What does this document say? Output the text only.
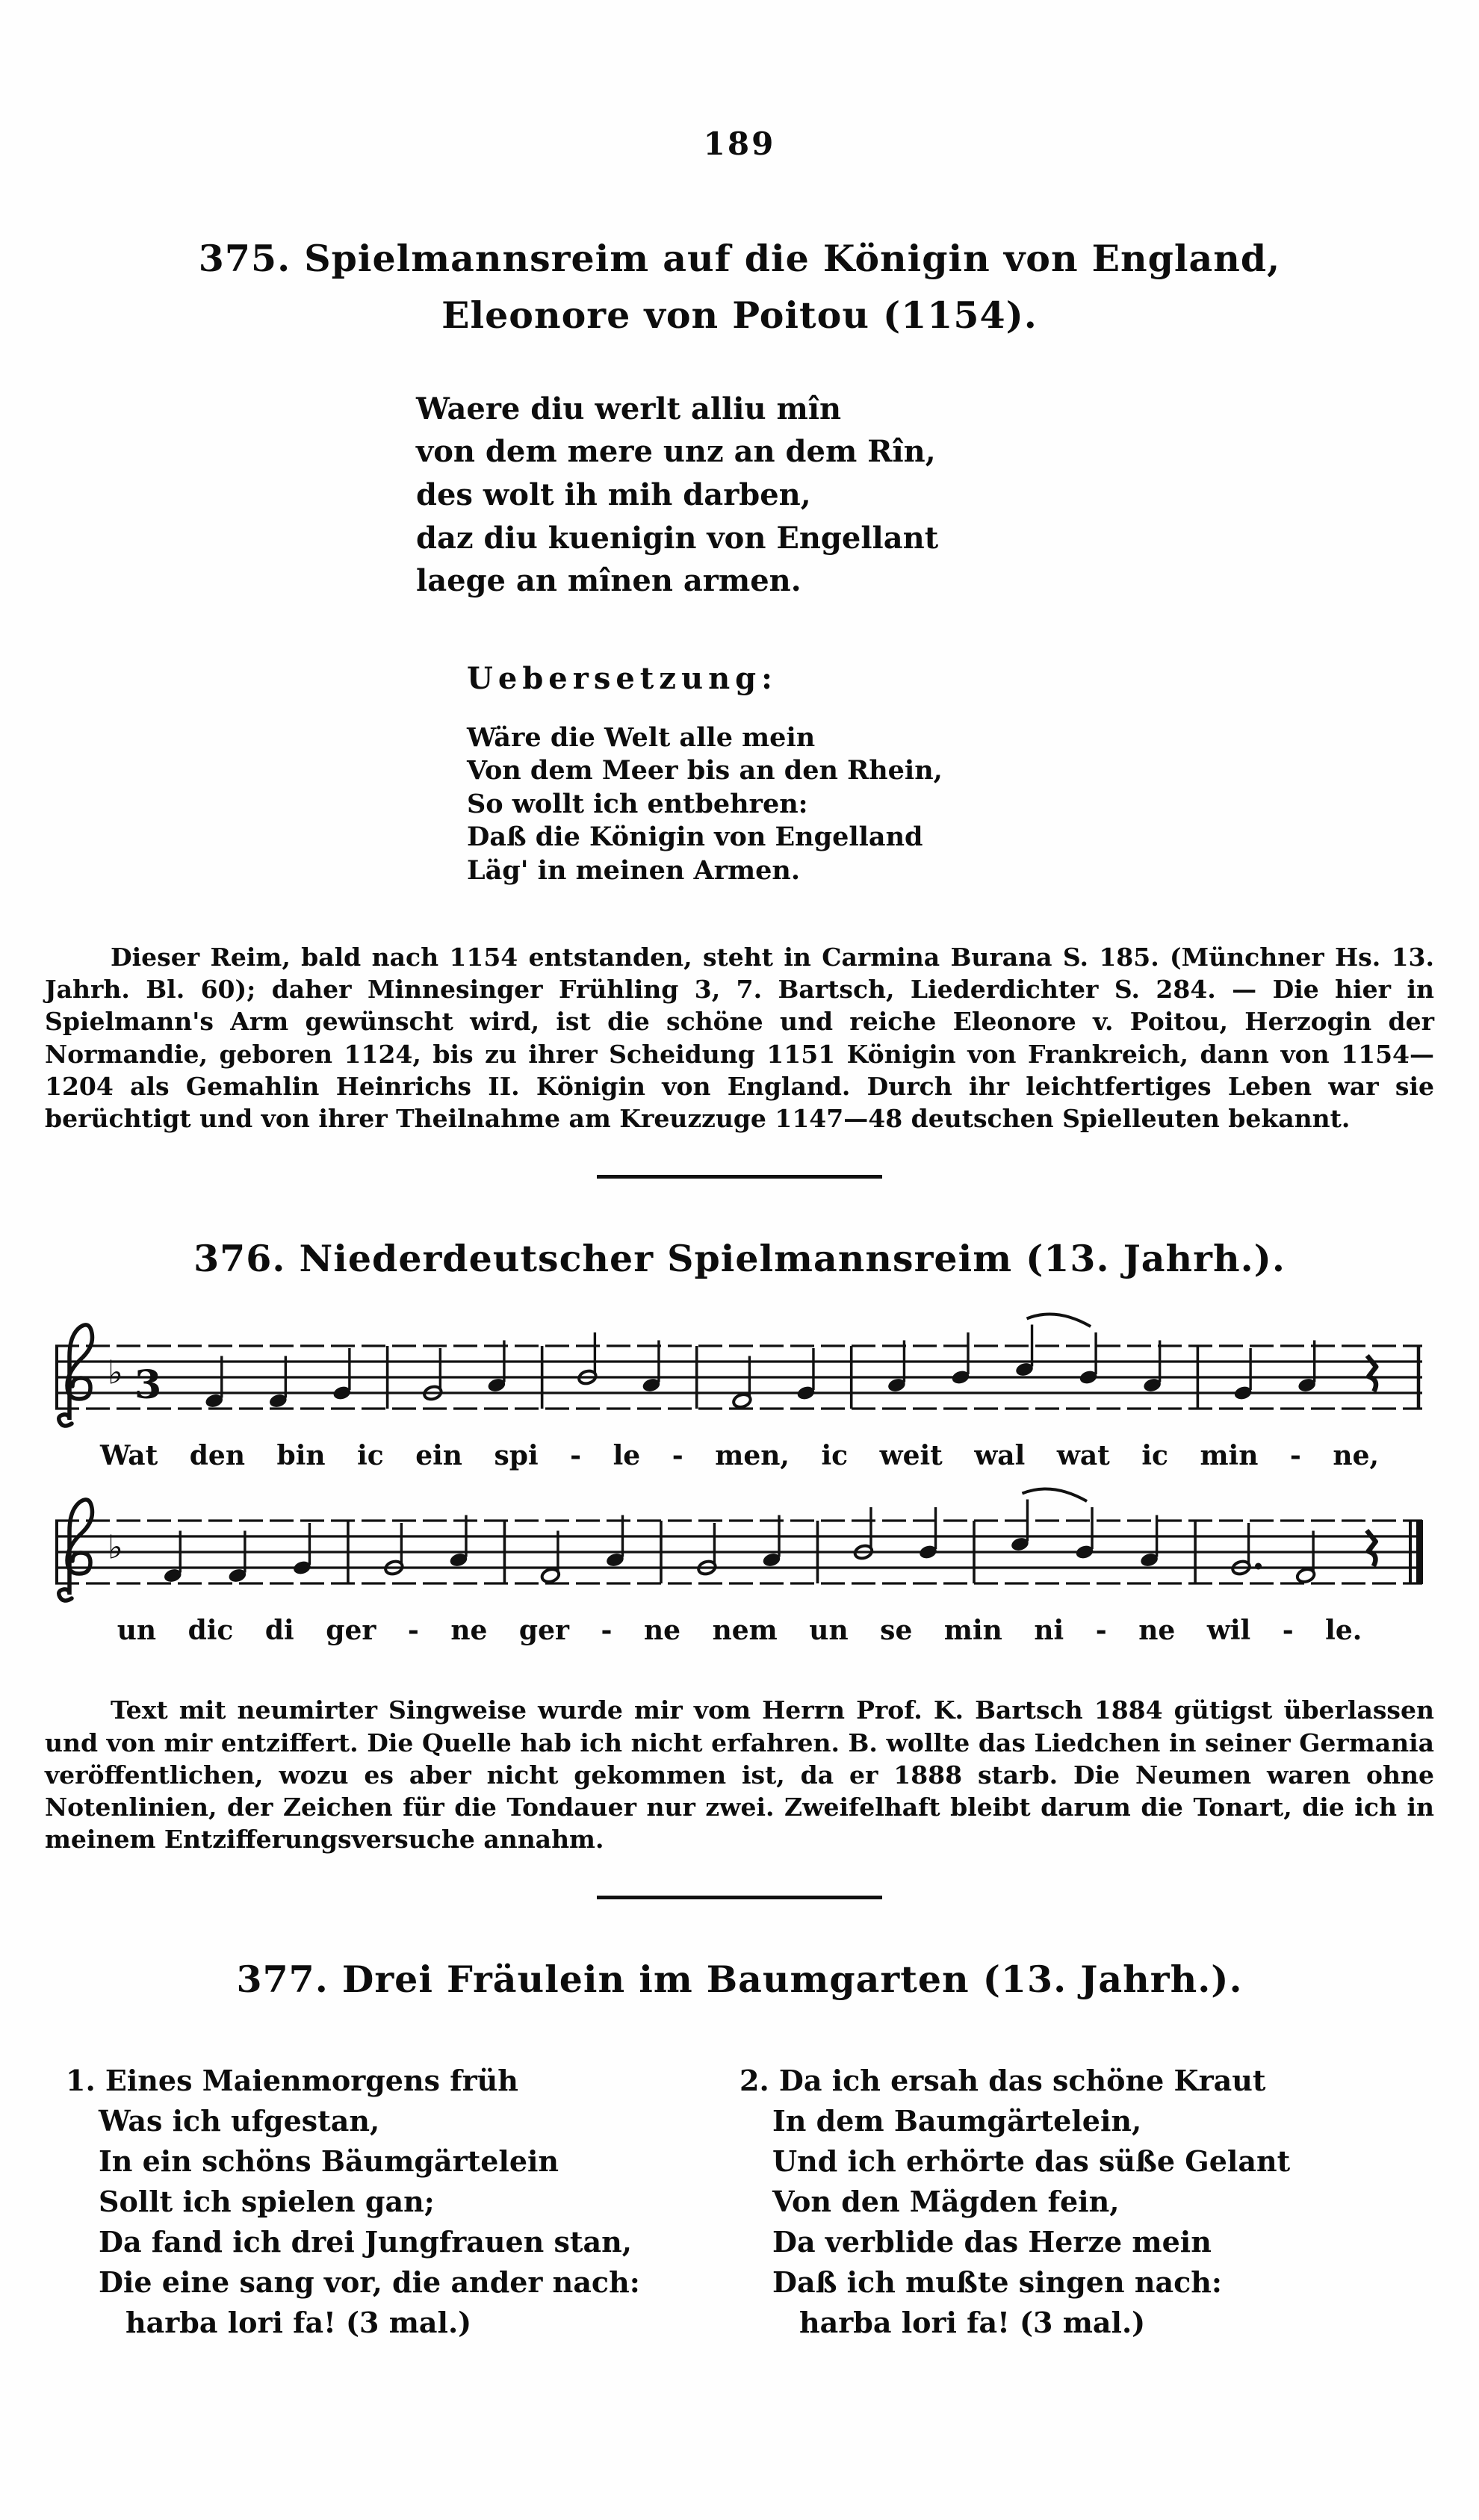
189
375. Spielmannsreim auf die Königin von England,
Eleonore von Poitou (1154).
Waere diu werlt alliu mîn
von dem mere unz an dem Rîn,
des wolt ih mih darben,
daz diu kuenigin von Engellant
laege an mînen armen.
Uebersetzung:
Wäre die Welt alle mein
Von dem Meer bis an den Rhein,
So wollt ich entbehren:
Daß die Königin von Engelland
Läg' in meinen Armen.

Dieser Reim, bald nach 1154 entstanden, steht in Carmina Burana S. 185. (Münchner Hs. 13. Jahrh. Bl. 60); daher Minnesinger Frühling 3, 7. Bartsch, Liederdichter S. 284. — Die hier in Spielmann's Arm gewünscht wird, ist die schöne und reiche Eleonore v. Poitou, Herzogin der Normandie, geboren 1124, bis zu ihrer Scheidung 1151 Königin von Frankreich, dann von 1154—1204 als Gemahlin Heinrichs II. Königin von England. Durch ihr leichtfertiges Leben war sie berüchtigt und von ihrer Theilnahme am Kreuzzuge 1147—48 deutschen Spielleuten bekannt.

376. Niederdeutscher Spielmannsreim (13. Jahrh.).
♭ 3
Wat den bin ic ein spi - le - men, ic weit wal wat ic min - ne,
♭
un dic di ger - ne ger - ne nem un se min ni - ne wil - le.

Text mit neumirter Singweise wurde mir vom Herrn Prof. K. Bartsch 1884 gütigst überlassen und von mir entziffert. Die Quelle hab ich nicht erfahren. B. wollte das Liedchen in seiner Germania veröffentlichen, wozu es aber nicht gekommen ist, da er 1888 starb. Die Neumen waren ohne Notenlinien, der Zeichen für die Tondauer nur zwei. Zweifelhaft bleibt darum die Tonart, die ich in meinem Entzifferungsversuche annahm.

377. Drei Fräulein im Baumgarten (13. Jahrh.).
1. Eines Maienmorgens früh
Was ich ufgestan,
In ein schöns Bäumgärtelein
Sollt ich spielen gan;
Da fand ich drei Jungfrauen stan,
Die eine sang vor, die ander nach:
harba lori fa! (3 mal.)
2. Da ich ersah das schöne Kraut
In dem Baumgärtelein,
Und ich erhörte das süße Gelant
Von den Mägden fein,
Da verblide das Herze mein
Daß ich mußte singen nach:
harba lori fa! (3 mal.)
